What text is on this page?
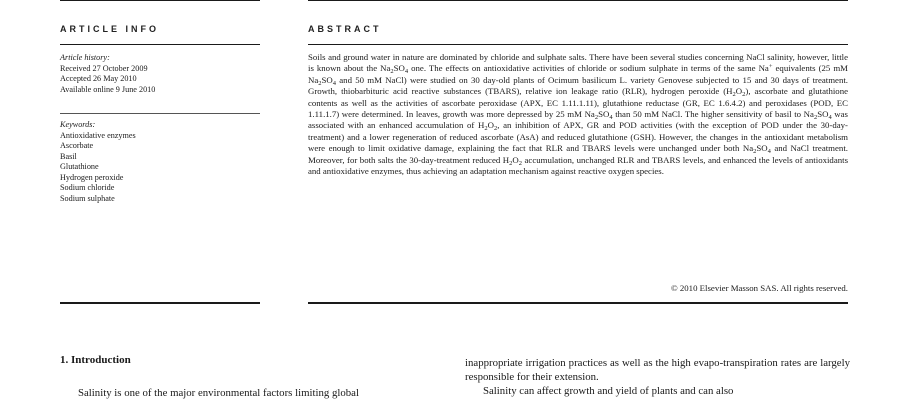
ARTICLE INFO	ABSTRACT
Article history:
Received 27 October 2009
Accepted 26 May 2010
Available online 9 June 2010
Keywords:
Antioxidative enzymes
Ascorbate
Basil
Glutathione
Hydrogen peroxide
Sodium chloride
Sodium sulphate
Soils and ground water in nature are dominated by chloride and sulphate salts. There have been several studies concerning NaCl salinity, however, little is known about the $Na_2SO_4$ one. The effects on antioxidative activities of chloride or sodium sulphate in terms of the same Na+ equivalents (25 mM $Na_2SO_4$ and 50 mM NaCl) were studied on 30 day-old plants of Ocimum basilicum L. variety Genovese subjected to 15 and 30 days of treatment. Growth, thiobarbituric acid reactive substances (TBARS), relative ion leakage ratio (RLR), hydrogen peroxide $(H_2O_2)$, ascorbate and glutathione contents as well as the activities of ascorbate peroxidase (APX, EC 1.11.1.11), glutathione reductase (GR, EC 1.6.4.2) and peroxidases (POD, EC 1.11.1.7) were determined. In leaves, growth was more depressed by 25 mM $Na_2SO_4$ than 50 mM NaCl. The higher sensitivity of basil to $Na_2SO_4$ was associated with an enhanced accumulation of $H_2O_2$, an inhibition of APX, GR and POD activities (with the exception of POD under the 30-day-treatment) and a lower regeneration of reduced ascorbate (AsA) and reduced glutathione (GSH). However, the changes in the antioxidant metabolism were enough to limit oxidative damage, explaining the fact that RLR and TBARS levels were unchanged under both $Na_2SO_4$ and NaCl treatment. Moreover, for both salts the 30-day-treatment reduced $H_2O_2$ accumulation, unchanged RLR and TBARS levels, and enhanced the levels of antioxidants and antioxidative enzymes, thus achieving an adaptation mechanism against reactive oxygen species.
© 2010 Elsevier Masson SAS. All rights reserved.
1. Introduction
Salinity is one of the major environmental factors limiting global

inappropriate irrigation practices as well as the high evapo-transpiration rates are largely responsible for their extension.

Salinity can affect growth and yield of plants and can also
